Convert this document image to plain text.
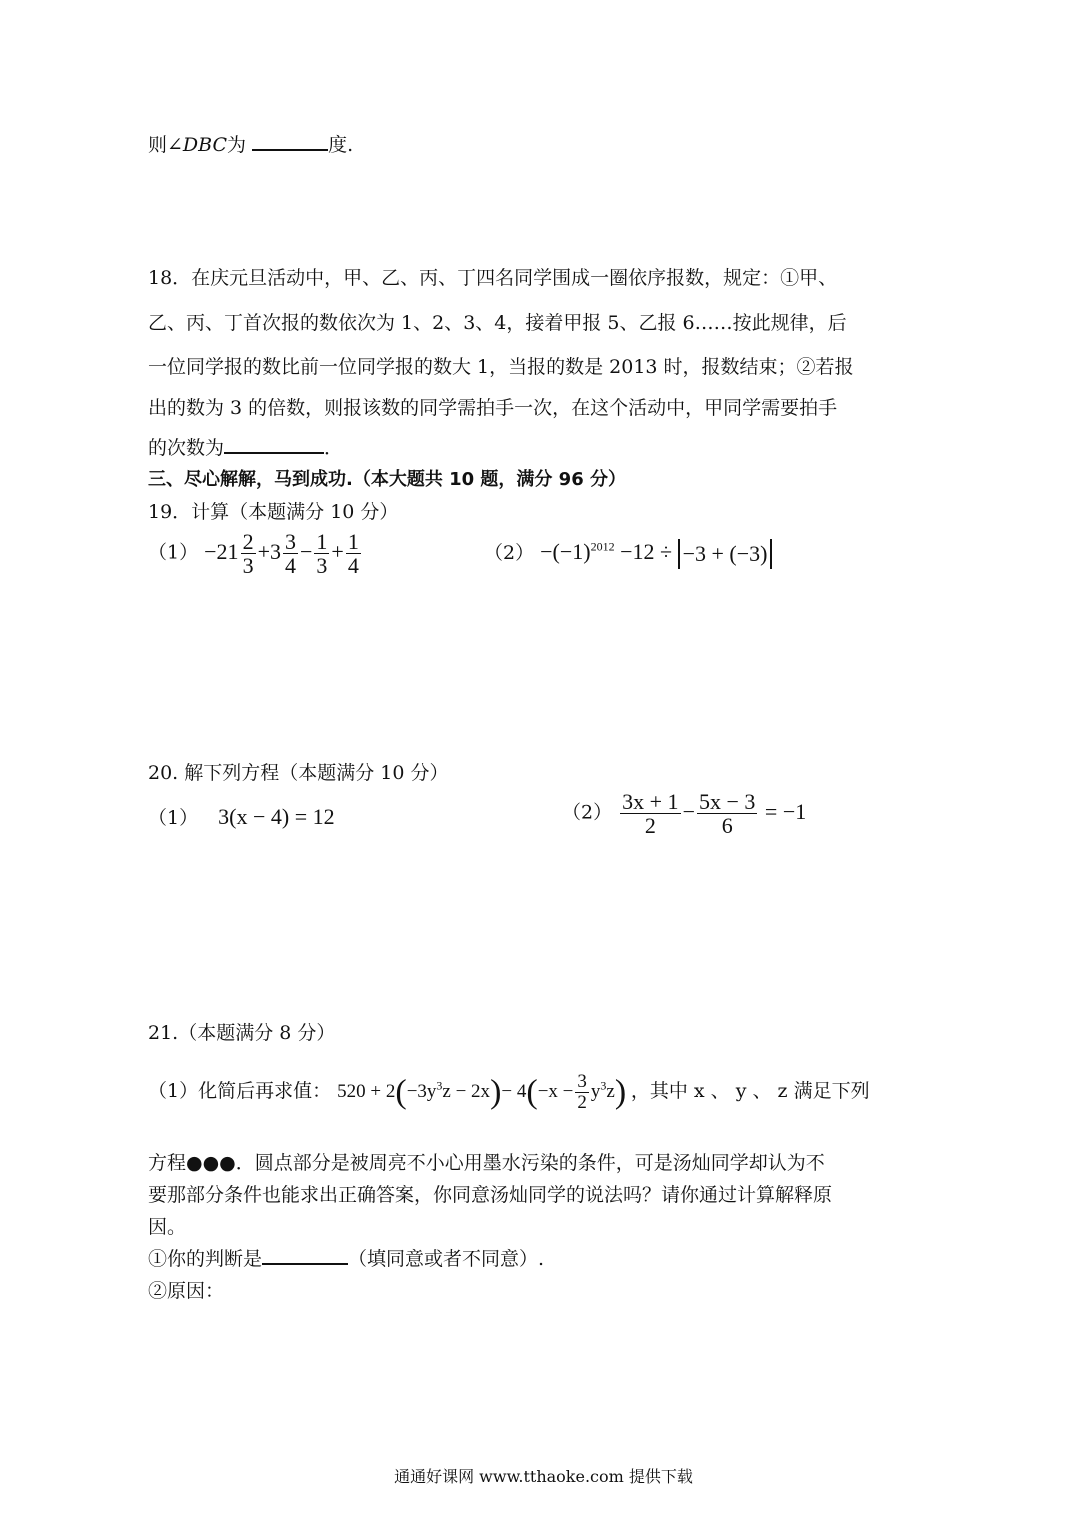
则∠DBC为	度.
18．在庆元旦活动中，甲、乙、丙、丁四名同学围成一圈依序报数，规定：①甲、
乙、丙、丁首次报的数依次为 1、2、3、4，接着甲报 5、乙报 6……按此规律，后
一位同学报的数比前一位同学报的数大 1，当报的数是 2013 时，报数结束；②若报
出的数为 3 的倍数，则报该数的同学需拍手一次，在这个活动中，甲同学需要拍手
的次数为	．
三、尽心解解，马到成功.（本大题共 10 题，满分 96 分）
19．计算（本题满分 10 分）
$(1) -21 \frac{2}{3} +3 \frac{3}{4} - \frac{1}{3} + \frac{1}{4}$	$(2) -(-1)^{2012} -12 \div -3 + (-3)$
20. 解下列方程（本题满分 10 分）
（1） 3(x − 4) = 12	$(2) \frac{3x + 1}{2} - \frac{5x - 3}{6} = -1$
21.（本题满分 8 分）
（1）化简后再求值： $520 + 2(-3y^3z - 2x)- 4(-x - \frac{3}{2} y^3z)$ ，其中 x 、 y 、 z 满足下列
方程●●●．圆点部分是被周亮不小心用墨水污染的条件，可是汤灿同学却认为不
要那部分条件也能求出正确答案，你同意汤灿同学的说法吗？请你通过计算解释原
因。
①你的判断是	（填同意或者不同意）.
②原因：
通通好课网 www.tthaoke.com 提供下载
